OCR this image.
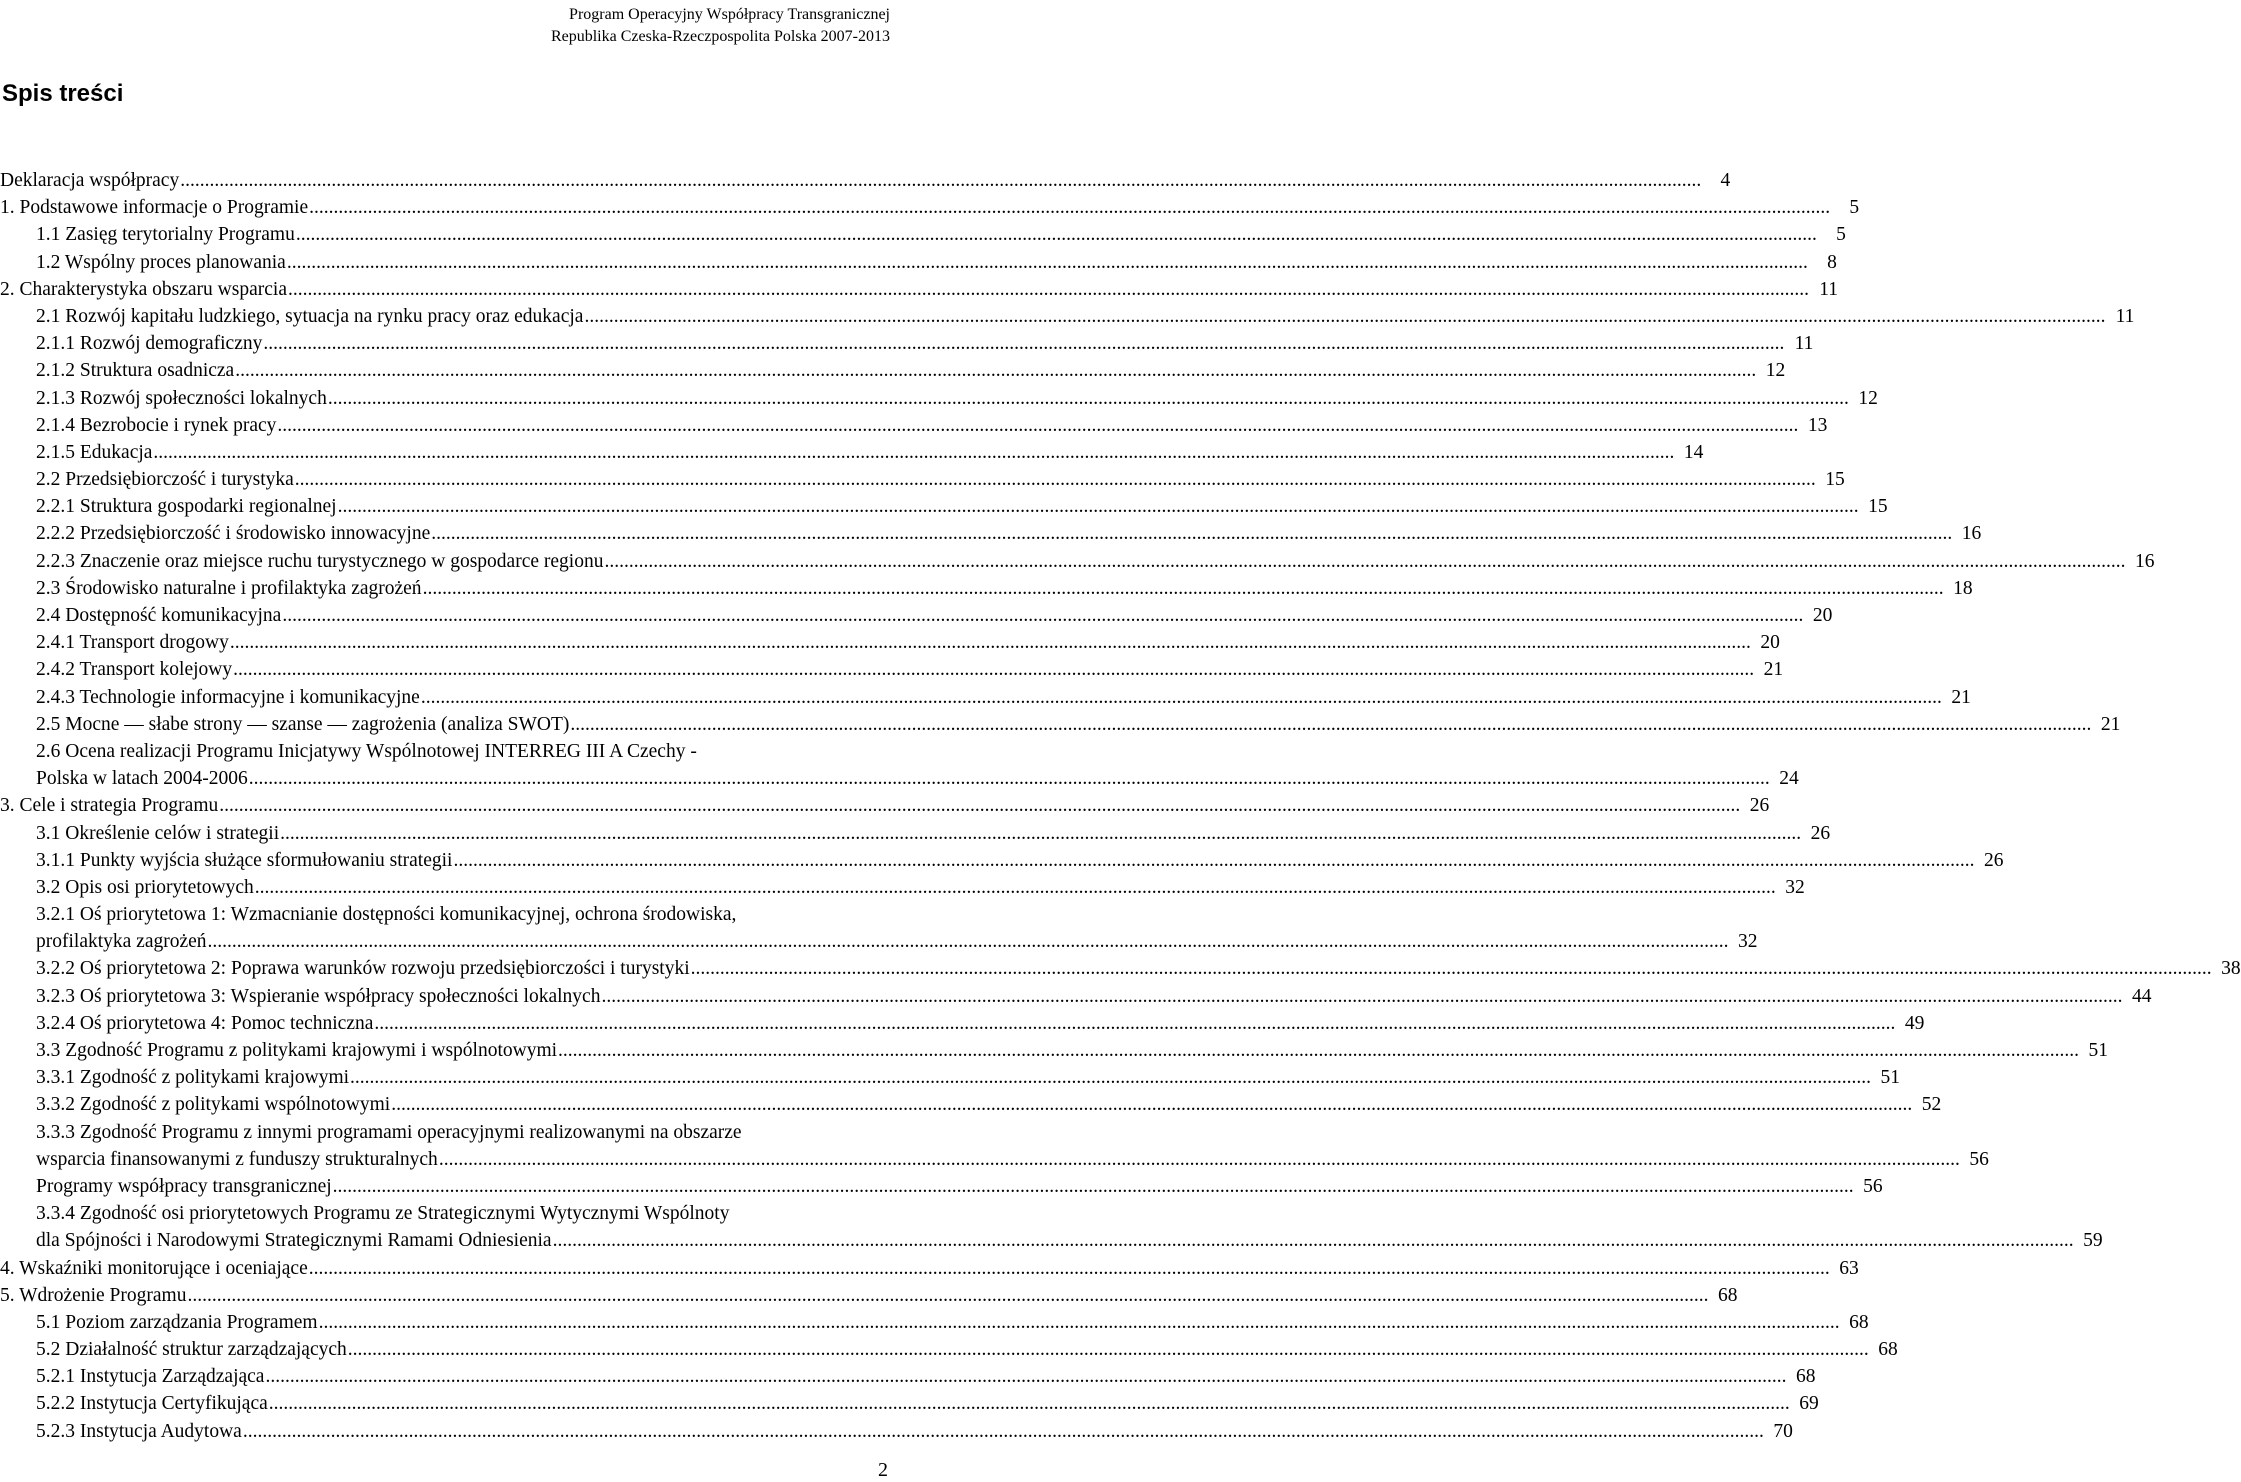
Program Operacyjny Współpracy Transgranicznej
Republika Czeska-Rzeczpospolita Polska 2007-2013
Spis treści
Deklaracja współpracy .....	4
1. Podstawowe informacje o Programie .....	5
1.1 Zasięg terytorialny Programu .....	5
1.2 Wspólny proces planowania .....	8
2. Charakterystyka obszaru wsparcia .....	11
2.1 Rozwój kapitału ludzkiego, sytuacja na rynku pracy oraz edukacja .....	11
2.1.1 Rozwój demograficzny .....	11
2.1.2 Struktura osadnicza .....	12
2.1.3 Rozwój społeczności lokalnych .....	12
2.1.4 Bezrobocie i rynek pracy .....	13
2.1.5 Edukacja .....	14
2.2 Przedsiębiorczość i turystyka .....	15
2.2.1 Struktura gospodarki regionalnej .....	15
2.2.2 Przedsiębiorczość i środowisko innowacyjne .....	16
2.2.3 Znaczenie oraz miejsce ruchu turystycznego w gospodarce regionu .....	16
2.3 Środowisko naturalne i profilaktyka zagrożeń .....	18
2.4 Dostępność komunikacyjna .....	20
2.4.1 Transport drogowy .....	20
2.4.2 Transport kolejowy .....	21
2.4.3 Technologie informacyjne i komunikacyjne .....	21
2.5 Mocne — słabe strony — szanse — zagrożenia (analiza SWOT) .....	21
2.6 Ocena realizacji Programu Inicjatywy Wspólnotowej INTERREG III A Czechy -
Polska w latach 2004-2006 .....	24
3. Cele i strategia Programu .....	26
3.1 Określenie celów i strategii .....	26
3.1.1 Punkty wyjścia służące sformułowaniu strategii .....	26
3.2 Opis osi priorytetowych .....	32
3.2.1 Oś priorytetowa 1: Wzmacnianie dostępności komunikacyjnej, ochrona środowiska,
profilaktyka zagrożeń .....	32
3.2.2 Oś priorytetowa 2: Poprawa warunków rozwoju przedsiębiorczości i turystyki .....	38
3.2.3 Oś priorytetowa 3: Wspieranie współpracy społeczności lokalnych .....	44
3.2.4 Oś priorytetowa 4: Pomoc techniczna .....	49
3.3 Zgodność Programu z politykami krajowymi i wspólnotowymi .....	51
3.3.1 Zgodność z politykami krajowymi .....	51
3.3.2 Zgodność z politykami wspólnotowymi .....	52
3.3.3 Zgodność Programu z innymi programami operacyjnymi realizowanymi na obszarze
wsparcia finansowanymi z funduszy strukturalnych .....	56
Programy współpracy transgranicznej .....	56
3.3.4 Zgodność osi priorytetowych Programu ze Strategicznymi Wytycznymi Wspólnoty
dla Spójności i Narodowymi Strategicznymi Ramami Odniesienia .....	59
4. Wskaźniki monitorujące i oceniające .....	63
5. Wdrożenie Programu .....	68
5.1 Poziom zarządzania Programem .....	68
5.2 Działalność struktur zarządzających .....	68
5.2.1 Instytucja Zarządzająca .....	68
5.2.2 Instytucja Certyfikująca .....	69
5.2.3 Instytucja Audytowa .....	70
2
